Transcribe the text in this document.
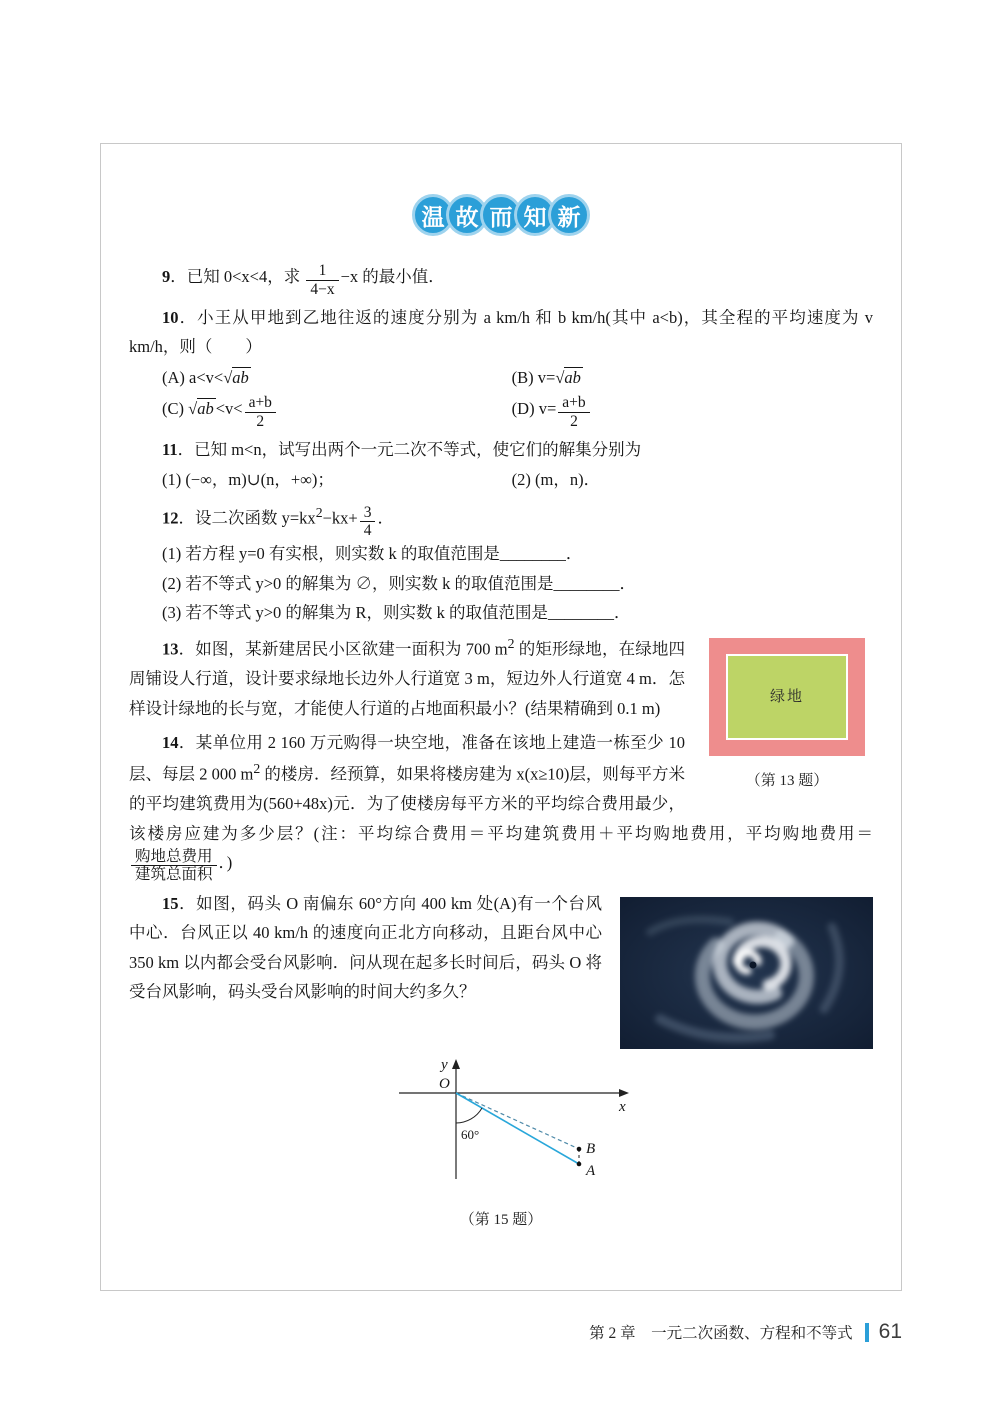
温 故 而 知 新
9．已知 0<x<4，求 $\frac{1}{4-x} -x$ 的最小值．
10．小王从甲地到乙地往返的速度分别为 a km/h 和 b km/h(其中 a<b)，其全程的平均速度为 v km/h，则（　　）
(A) a<v<√ab	(B) v=√ab
(C) $√ab <v< \frac{a+b}{2}$	(D) $v= \frac{a+b}{2}$
11．已知 m<n，试写出两个一元二次不等式，使它们的解集分别为
(1) (−∞，m)∪(n，+∞)；	(2) (m，n)．
12．设二次函数 $y=kx^2-kx+ \frac{3}{4}$ ．
(1) 若方程 y=0 有实根，则实数 k 的取值范围是________．
(2) 若不等式 y>0 的解集为 ∅，则实数 k 的取值范围是________．
(3) 若不等式 y>0 的解集为 R，则实数 k 的取值范围是________．
绿地
（第 13 题）
13．如图，某新建居民小区欲建一面积为 700 $m^2$ 的矩形绿地，在绿地四周铺设人行道，设计要求绿地长边外人行道宽 3 m，短边外人行道宽 4 m．怎样设计绿地的长与宽，才能使人行道的占地面积最小？(结果精确到 0.1 m)
14．某单位用 2 160 万元购得一块空地，准备在该地上建造一栋至少 10 层、每层 2 000 $m^2$ 的楼房．经预算，如果将楼房建为 x(x≥10)层，则每平方米的平均建筑费用为(560+48x)元．为了使楼房每平方米的平均综合费用最少，该楼房应建为多少层？(注：平均综合费用＝平均建筑费用＋平均购地费用，平均购地费用＝
$\frac{\text{购地总费用}}{\text{建筑总面积}}$ ．)
15．如图，码头 O 南偏东 60°方向 400 km 处(A)有一个台风中心．台风正以 40 km/h 的速度向正北方向移动，且距台风中心 350 km 以内都会受台风影响．问从现在起多长时间后，码头 O 将受台风影响，码头受台风影响的时间大约多久？
y
x
O
60°
B
A
（第 15 题）
第 2 章　一元二次函数、方程和不等式 61
